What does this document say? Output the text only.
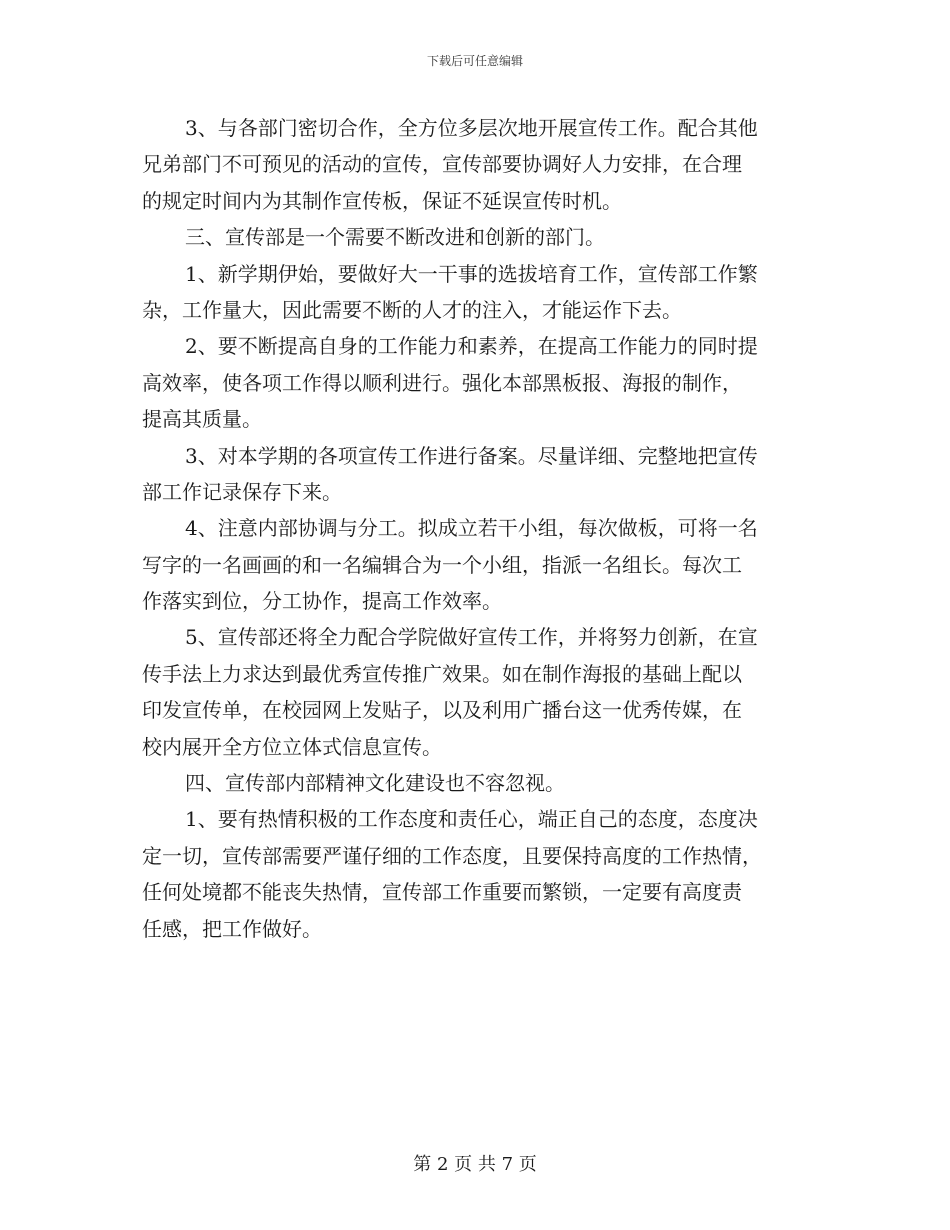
下载后可任意编辑
3、与各部门密切合作，全方位多层次地开展宣传工作。配合其他
兄弟部门不可预见的活动的宣传，宣传部要协调好人力安排，在合理
的规定时间内为其制作宣传板，保证不延误宣传时机。
三、宣传部是一个需要不断改进和创新的部门。
1、新学期伊始，要做好大一干事的选拔培育工作，宣传部工作繁
杂，工作量大，因此需要不断的人才的注入，才能运作下去。
2、要不断提高自身的工作能力和素养，在提高工作能力的同时提
高效率，使各项工作得以顺利进行。强化本部黑板报、海报的制作，
提高其质量。
3、对本学期的各项宣传工作进行备案。尽量详细、完整地把宣传
部工作记录保存下来。
4、注意内部协调与分工。拟成立若干小组，每次做板，可将一名
写字的一名画画的和一名编辑合为一个小组，指派一名组长。每次工
作落实到位，分工协作，提高工作效率。
5、宣传部还将全力配合学院做好宣传工作，并将努力创新，在宣
传手法上力求达到最优秀宣传推广效果。如在制作海报的基础上配以
印发宣传单，在校园网上发贴子，以及利用广播台这一优秀传媒，在
校内展开全方位立体式信息宣传。
四、宣传部内部精神文化建设也不容忽视。
1、要有热情积极的工作态度和责任心，端正自己的态度，态度决
定一切，宣传部需要严谨仔细的工作态度，且要保持高度的工作热情，
任何处境都不能丧失热情，宣传部工作重要而繁锁，一定要有高度责
任感，把工作做好。
第 2 页 共 7 页
